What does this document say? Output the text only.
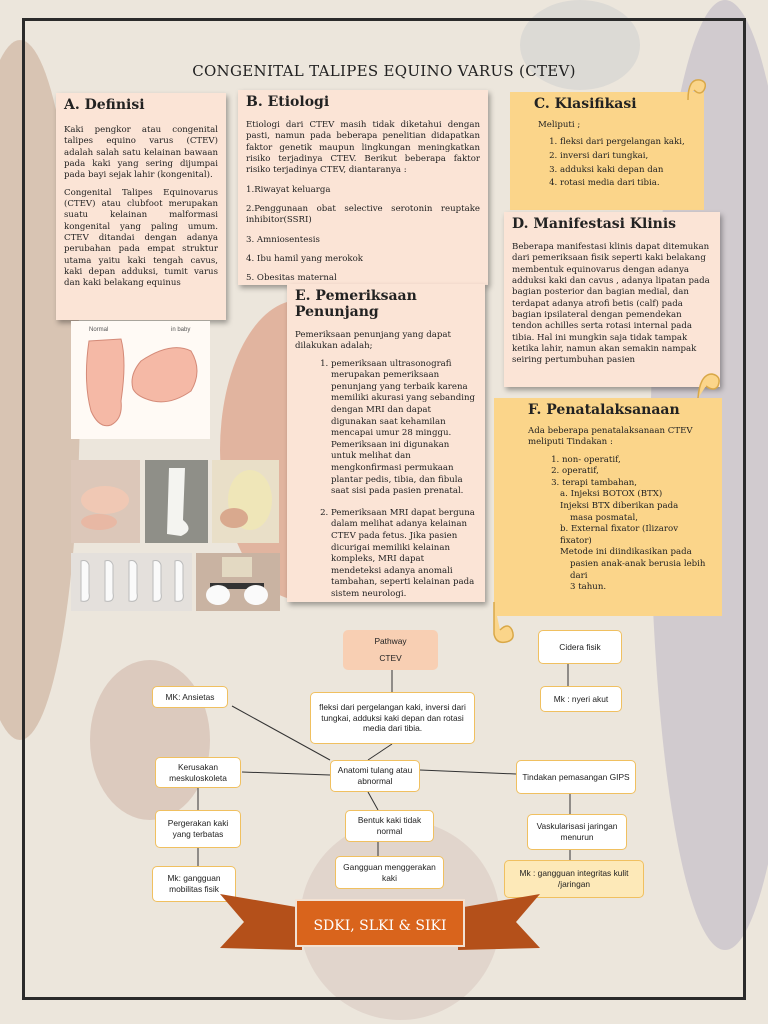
CONGENITAL TALIPES EQUINO VARUS (CTEV)
A. Definisi

Kaki pengkor atau congenital talipes equino varus (CTEV) adalah salah satu kelainan bawaan pada kaki yang sering dijumpai pada bayi sejak lahir (kongenital).

Congenital Talipes Equinovarus (CTEV) atau clubfoot merupakan suatu kelainan malformasi kongenital yang paling umum. CTEV ditandai dengan adanya perubahan pada empat struktur utama yaitu kaki tengah cavus, kaki depan adduksi, tumit varus dan kaki belakang equinus

B. Etiologi

Etiologi dari CTEV masih tidak diketahui dengan pasti, namun pada beberapa penelitian didapatkan faktor genetik maupun lingkungan meningkatkan risiko terjadinya CTEV. Berikut beberapa faktor risiko terjadinya CTEV, diantaranya :

1.Riwayat keluarga

2.Penggunaan obat selective serotonin reuptake inhibitor(SSRI)

3. Amniosentesis

4. Ibu hamil yang merokok

5. Obesitas maternal

C. Klasifikasi

Meliputi ;

1. fleksi dari pergelangan kaki,
2. inversi dari tungkai,
3. adduksi kaki depan dan
4. rotasi media dari tibia.
D. Manifestasi Klinis

Beberapa manifestasi klinis dapat ditemukan dari pemeriksaan fisik seperti kaki belakang membentuk equinovarus dengan adanya adduksi kaki dan cavus , adanya lipatan pada bagian posterior dan bagian medial, dan terdapat adanya atrofi betis (calf) pada bagian ipsilateral dengan pemendekan tendon achilles serta rotasi internal pada tibia. Hal ini mungkin saja tidak tampak ketika lahir, namun akan semakin nampak seiring pertumbuhan pasien

Normal	in baby
E. Pemeriksaan Penunjang

Pemeriksaan penunjang yang dapat dilakukan adalah;

1. pemeriksaan ultrasonografi merupakan pemeriksaan penunjang yang terbaik karena memiliki akurasi yang sebanding dengan MRI dan dapat digunakan saat kehamilan mencapai umur 28 minggu. Pemeriksaan ini digunakan untuk melihat dan mengkonfirmasi permukaan plantar pedis, tibia, dan fibula saat sisi pada pasien prenatal.
2. Pemeriksaan MRI dapat berguna dalam melihat adanya kelainan CTEV pada fetus. Jika pasien dicurigai memiliki kelainan kompleks, MRI dapat mendeteksi adanya anomali tambahan, seperti kelainan pada sistem neurologi.
F. Penatalaksanaan

Ada beberapa penatalaksanaan CTEV meliputi Tindakan :

1. non- operatif,
2. operatif,
3. terapi tambahan,
a. Injeksi BOTOX (BTX)
Injeksi BTX diberikan pada
masa posmatal,
b. External fixator (Ilizarov fixator)
Metode ini diindikasikan pada
pasien anak-anak berusia lebih dari
3 tahun.
Pathway
CTEV
fleksi dari pergelangan kaki, inversi dari tungkai, adduksi kaki depan dan rotasi media dari tibia.
MK: Ansietas
Anatomi tulang atau abnormal
Kerusakan meskuloskoleta
Pergerakan kaki yang terbatas
Mk: gangguan mobilitas fisik
Bentuk kaki tidak normal
Gangguan menggerakan kaki
Cidera fisik
Mk : nyeri akut
Tindakan pemasangan GIPS
Vaskularisasi jaringan menurun
Mk : gangguan integritas kulit /jaringan
SDKI, SLKI & SIKI
